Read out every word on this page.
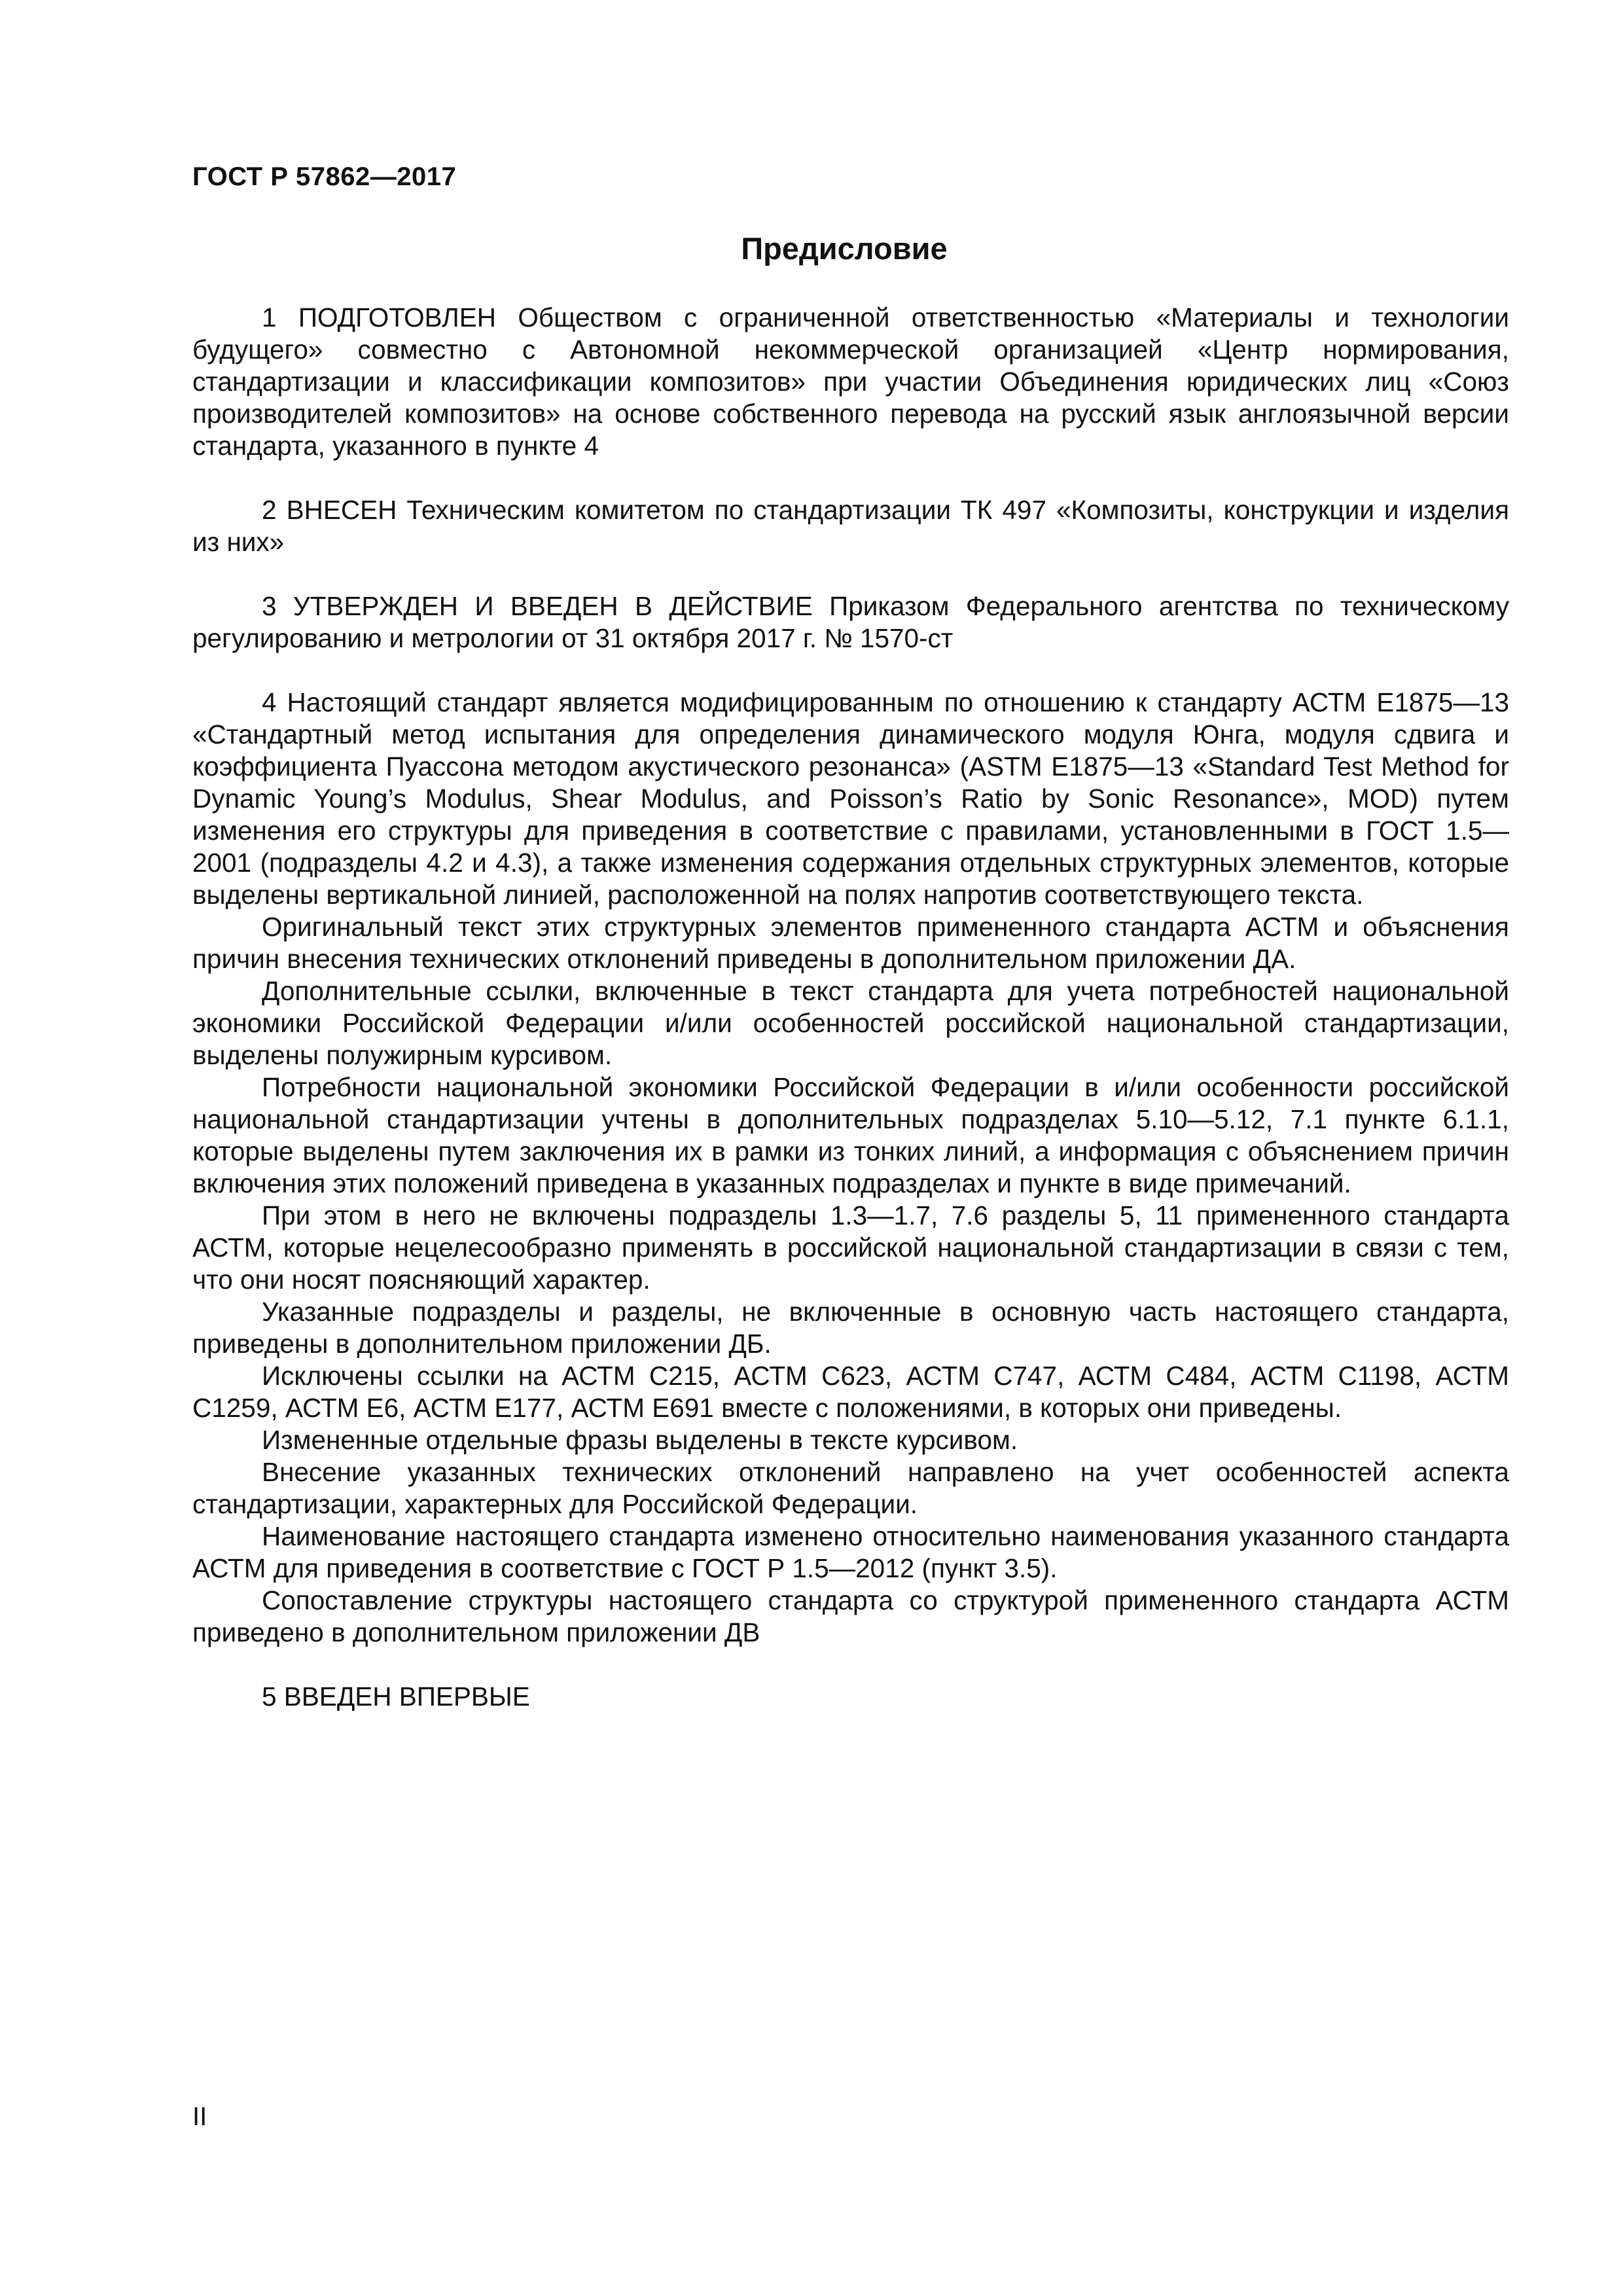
ГОСТ Р 57862—2017
Предисловие

1 ПОДГОТОВЛЕН Обществом с ограниченной ответственностью «Материалы и технологии будущего» совместно с Автономной некоммерческой организацией «Центр нормирования, стандартизации и классификации композитов» при участии Объединения юридических лиц «Союз производителей композитов» на основе собственного перевода на русский язык англоязычной версии стандарта, указанного в пункте 4

2 ВНЕСЕН Техническим комитетом по стандартизации ТК 497 «Композиты, конструкции и изделия из них»

3 УТВЕРЖДЕН И ВВЕДЕН В ДЕЙСТВИЕ Приказом Федерального агентства по техническому регулированию и метрологии от 31 октября 2017 г. № 1570-ст

4 Настоящий стандарт является модифицированным по отношению к стандарту АСТМ Е1875—13 «Стандартный метод испытания для определения динамического модуля Юнга, модуля сдвига и коэффициента Пуассона методом акустического резонанса» (ASTM E1875—13 «Standard Test Method for Dynamic Young’s Modulus, Shear Modulus, and Poisson’s Ratio by Sonic Resonance», MOD) путем изменения его структуры для приведения в соответствие с правилами, установленными в ГОСТ 1.5—2001 (подразделы 4.2 и 4.3), а также изменения содержания отдельных структурных элементов, которые выделены вертикальной линией, расположенной на полях напротив соответствующего текста.

Оригинальный текст этих структурных элементов примененного стандарта АСТМ и объяснения причин внесения технических отклонений приведены в дополнительном приложении ДА.

Дополнительные ссылки, включенные в текст стандарта для учета потребностей национальной экономики Российской Федерации и/или особенностей российской национальной стандартизации, выделены полужирным курсивом.

Потребности национальной экономики Российской Федерации в и/или особенности российской национальной стандартизации учтены в дополнительных подразделах 5.10—5.12, 7.1 пункте 6.1.1, которые выделены путем заключения их в рамки из тонких линий, а информация с объяснением причин включения этих положений приведена в указанных подразделах и пункте в виде примечаний.

При этом в него не включены подразделы 1.3—1.7, 7.6 разделы 5, 11 примененного стандарта АСТМ, которые нецелесообразно применять в российской национальной стандартизации в связи с тем, что они носят поясняющий характер.

Указанные подразделы и разделы, не включенные в основную часть настоящего стандарта, приведены в дополнительном приложении ДБ.

Исключены ссылки на АСТМ С215, АСТМ С623, АСТМ С747, АСТМ С484, АСТМ С1198, АСТМ С1259, АСТМ Е6, АСТМ Е177, АСТМ Е691 вместе с положениями, в которых они приведены.

Измененные отдельные фразы выделены в тексте курсивом.

Внесение указанных технических отклонений направлено на учет особенностей аспекта стандартизации, характерных для Российской Федерации.

Наименование настоящего стандарта изменено относительно наименования указанного стандарта АСТМ для приведения в соответствие с ГОСТ Р 1.5—2012 (пункт 3.5).

Сопоставление структуры настоящего стандарта со структурой примененного стандарта АСТМ приведено в дополнительном приложении ДВ

5 ВВЕДЕН ВПЕРВЫЕ

II
